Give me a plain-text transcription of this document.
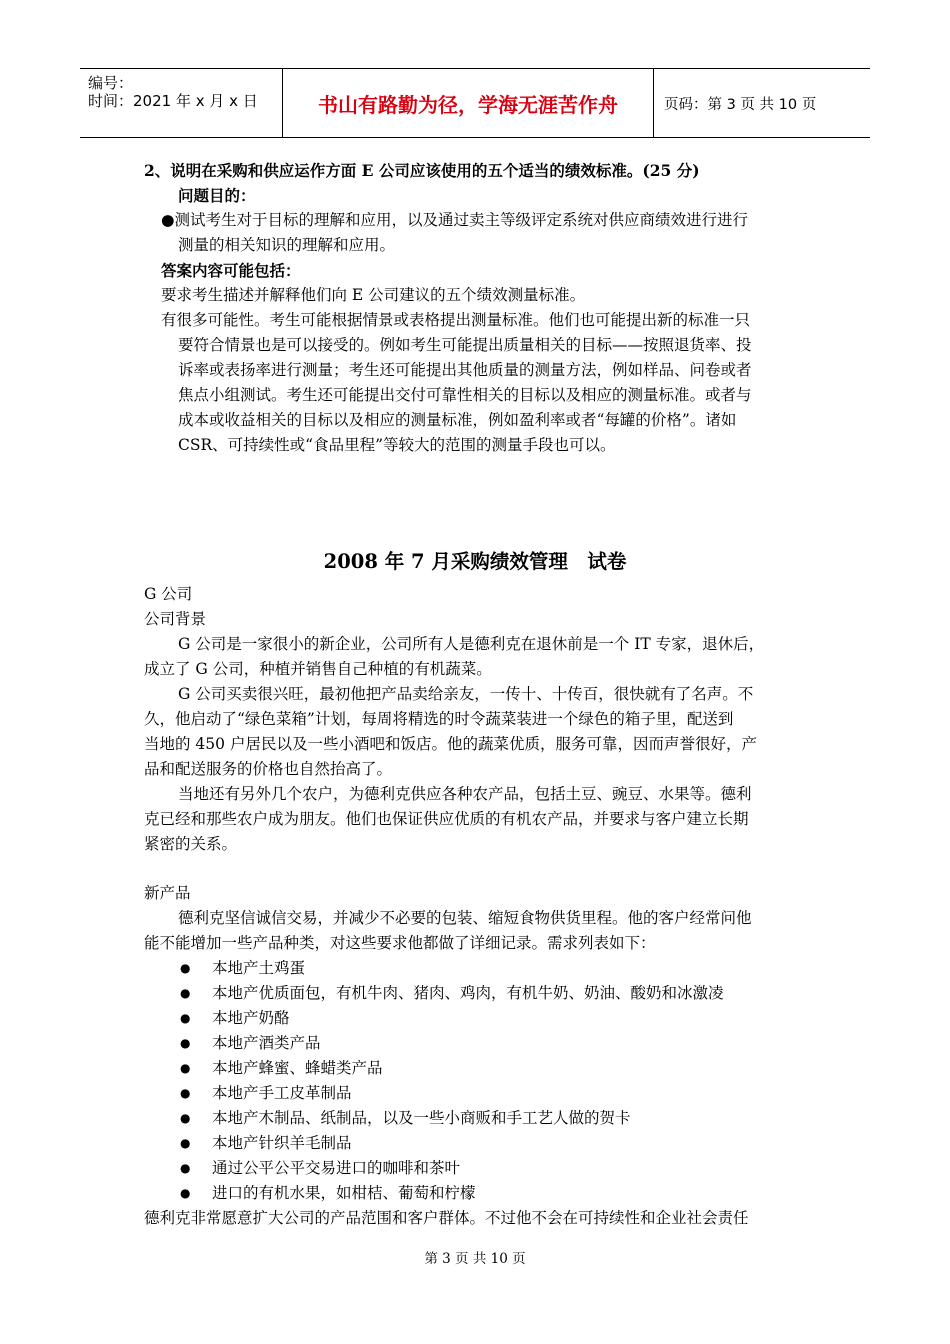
编号：
时间：2021 年 x 月 x 日	书山有路勤为径，学海无涯苦作舟	页码：第 3 页 共 10 页
2、说明在采购和供应运作方面 E 公司应该使用的五个适当的绩效标准。(25 分)
问题目的：
●测试考生对于目标的理解和应用，以及通过卖主等级评定系统对供应商绩效进行进行
测量的相关知识的理解和应用。
答案内容可能包括：
要求考生描述并解释他们向 E 公司建议的五个绩效测量标准。
有很多可能性。考生可能根据情景或表格提出测量标准。他们也可能提出新的标准一只
要符合情景也是可以接受的。例如考生可能提出质量相关的目标——按照退货率、投
诉率或表扬率进行测量；考生还可能提出其他质量的测量方法，例如样品、问卷或者
焦点小组测试。考生还可能提出交付可靠性相关的目标以及相应的测量标准。或者与
成本或收益相关的目标以及相应的测量标准，例如盈利率或者“每罐的价格”。诸如
CSR、可持续性或“食品里程”等较大的范围的测量手段也可以。
2008 年 7 月采购绩效管理　试卷
G 公司
公司背景
G 公司是一家很小的新企业，公司所有人是德利克在退休前是一个 IT 专家，退休后，
成立了 G 公司，种植并销售自己种植的有机蔬菜。
G 公司买卖很兴旺，最初他把产品卖给亲友，一传十、十传百，很快就有了名声。不
久，他启动了“绿色菜箱”计划，每周将精选的时令蔬菜装进一个绿色的箱子里，配送到
当地的 450 户居民以及一些小酒吧和饭店。他的蔬菜优质，服务可靠，因而声誉很好，产
品和配送服务的价格也自然抬高了。
当地还有另外几个农户，为德利克供应各种农产品，包括土豆、豌豆、水果等。德利
克已经和那些农户成为朋友。他们也保证供应优质的有机农产品，并要求与客户建立长期
紧密的关系。
新产品
德利克坚信诚信交易，并减少不必要的包装、缩短食物供货里程。他的客户经常问他
能不能增加一些产品种类，对这些要求他都做了详细记录。需求列表如下：
● 本地产土鸡蛋
● 本地产优质面包，有机牛肉、猪肉、鸡肉，有机牛奶、奶油、酸奶和冰激凌
● 本地产奶酪
● 本地产酒类产品
● 本地产蜂蜜、蜂蜡类产品
● 本地产手工皮革制品
● 本地产木制品、纸制品，以及一些小商贩和手工艺人做的贺卡
● 本地产针织羊毛制品
● 通过公平公平交易进口的咖啡和茶叶
● 进口的有机水果，如柑桔、葡萄和柠檬
德利克非常愿意扩大公司的产品范围和客户群体。不过他不会在可持续性和企业社会责任
第 3 页 共 10 页
